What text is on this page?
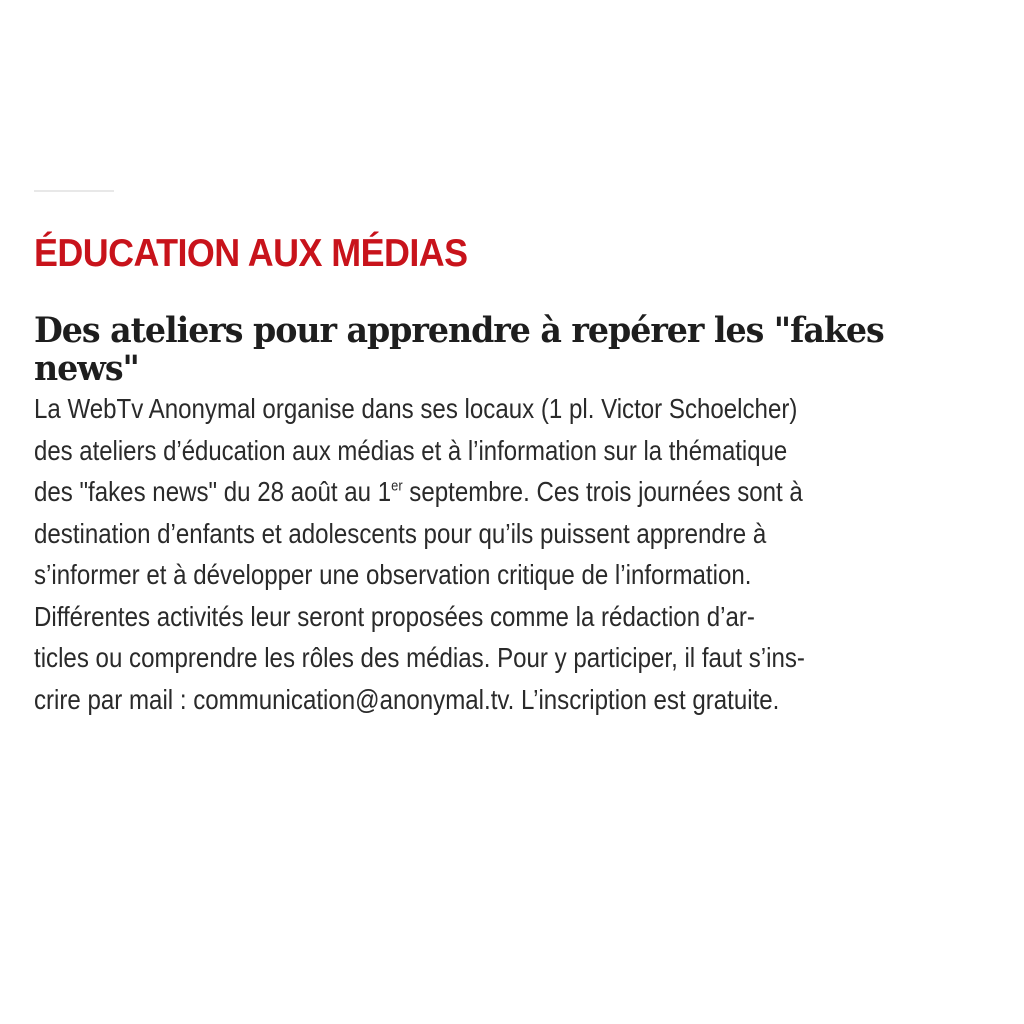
ÉDUCATION AUX MÉDIAS
Des ateliers pour apprendre à repérer les "fakes news"

La WebTv Anonymal organise dans ses locaux (1 pl. Victor Schoelcher)
des ateliers d’éducation aux médias et à l’information sur la thématique
des "fakes news" du 28 août au 1er septembre. Ces trois journées sont à
destination d’enfants et adolescents pour qu’ils puissent apprendre à
s’informer et à développer une observation critique de l’information.
Différentes activités leur seront proposées comme la rédaction d’ar-
ticles ou comprendre les rôles des médias. Pour y participer, il faut s’ins-
crire par mail : communication@anonymal.tv. L’inscription est gratuite.
